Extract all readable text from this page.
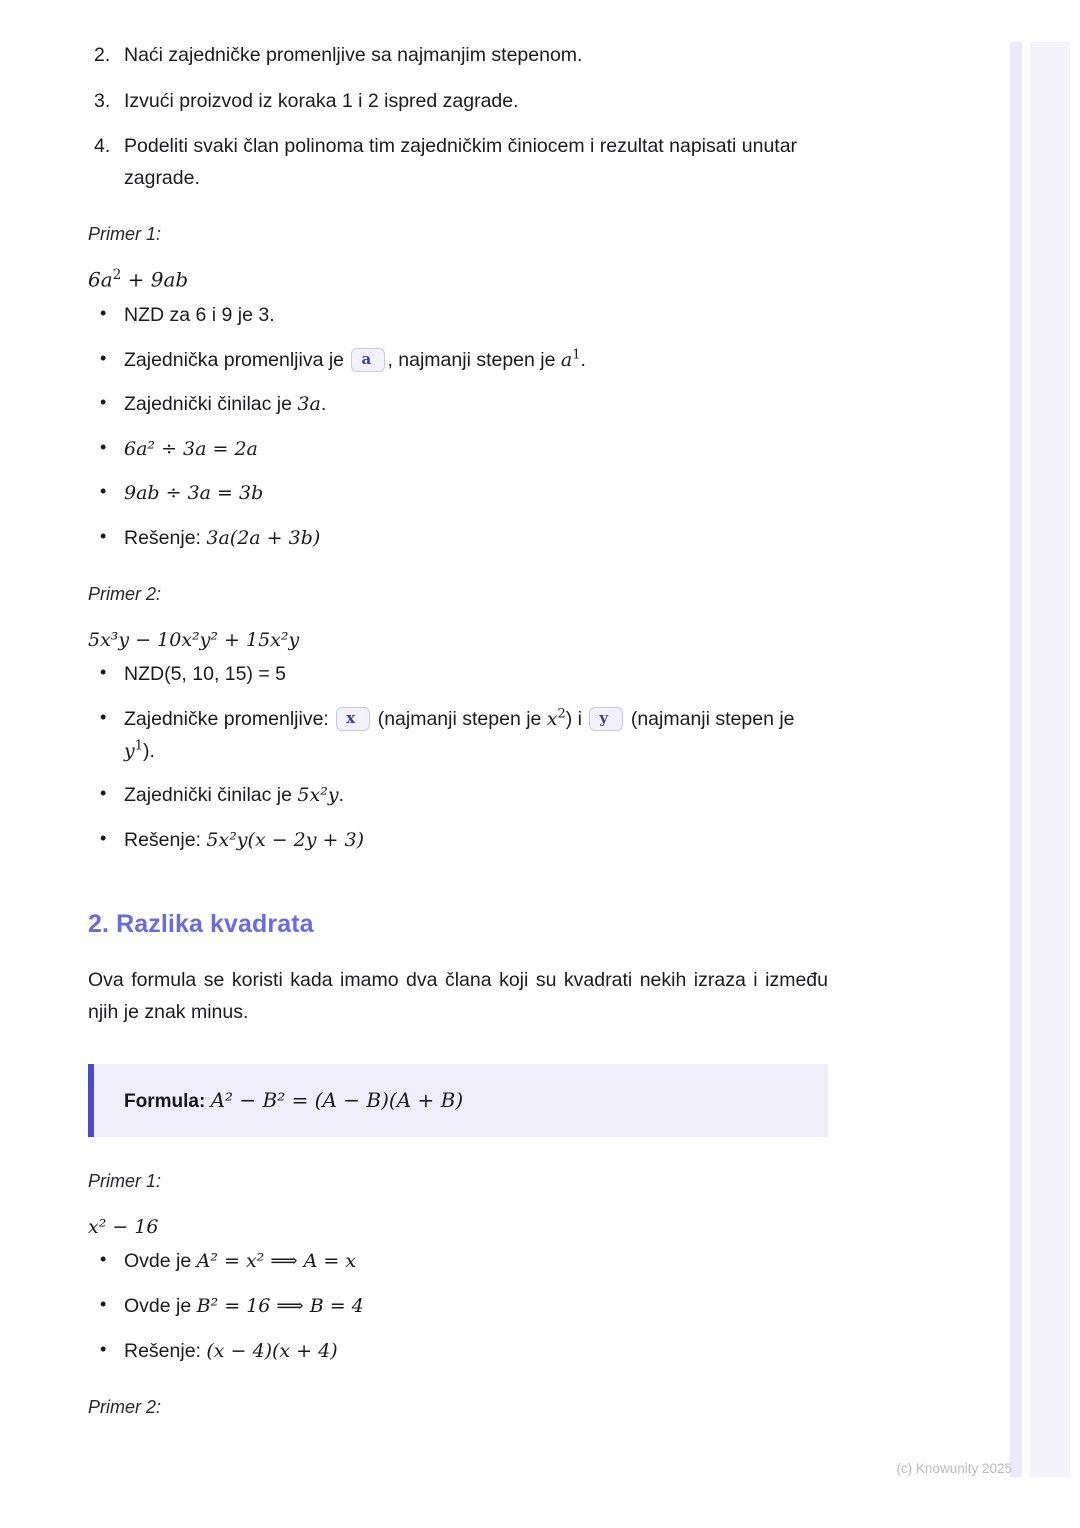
2. Naći zajedničke promenljive sa najmanjim stepenom.
3. Izvući proizvod iz koraka 1 i 2 ispred zagrade.
4. Podeliti svaki član polinoma tim zajedničkim činiocem i rezultat napisati unutar zagrade.
Primer 1:
$6a^2 + 9ab$
• NZD za 6 i 9 je 3.
• Zajednička promenljiva je a , najmanji stepen je $a^1$.
• Zajednički činilac je 3a.
• 6a² ÷ 3a = 2a
• 9ab ÷ 3a = 3b
• Rešenje: 3a(2a + 3b)
Primer 2:
5x³y − 10x²y² + 15x²y
• NZD(5, 10, 15) = 5
• Zajedničke promenljive: x (najmanji stepen je $x^2$) i y (najmanji stepen je $y^1$).
• Zajednički činilac je 5x²y.
• Rešenje: 5x²y(x − 2y + 3)
2. Razlika kvadrata

Ova formula se koristi kada imamo dva člana koji su kvadrati nekih izraza i između njih je znak minus.

Formula: A² − B² = (A − B)(A + B)
Primer 1:
x² − 16
• Ovde je A² = x² ⟹ A = x
• Ovde je B² = 16 ⟹ B = 4
• Rešenje: (x − 4)(x + 4)
Primer 2:
(c) Knowunity 2025
